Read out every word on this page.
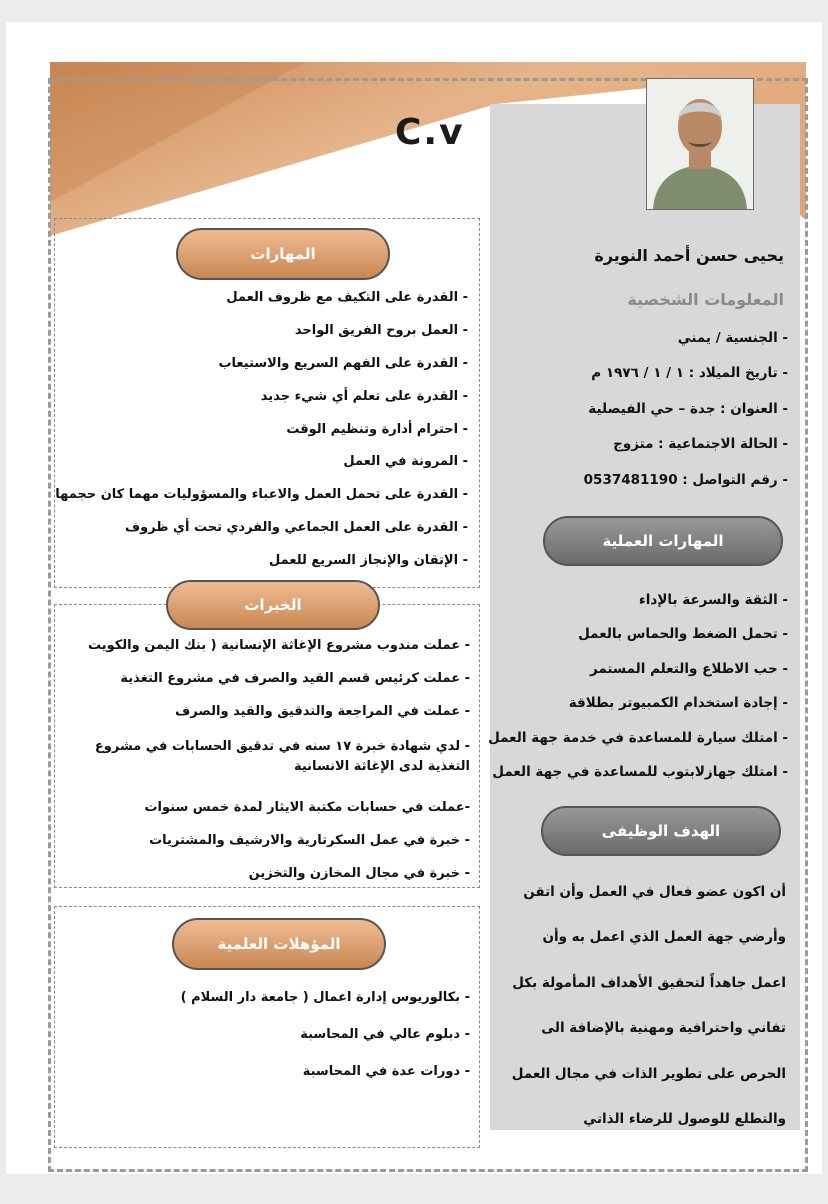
C.v
يحيى حسن أحمد النويرة
المعلومات الشخصية
- الجنسية / يمني
- تاريخ الميلاد : ١ / ١ / ١٩٧٦ م
- العنوان : جدة – حي الفيصلية
- الحالة الاجتماعية : متزوج
- رقم التواصل : 0537481190
المهارات العملية
- الثقة والسرعة بالإداء
- تحمل الضغط والحماس بالعمل
- حب الاطلاع والتعلم المستمر
- إجادة استخدام الكمبيوتر بطلاقة
- امتلك سيارة للمساعدة في خدمة جهة العمل
- امتلك جهازلابتوب للمساعدة في جهة العمل
الهدف الوظيفى

أن اكون عضو فعال في العمل وأن اتقن وأرضي جهة العمل الذي اعمل به وأن اعمل جاهداً لتحقيق الأهداف المأمولة بكل تفاني واحترافية ومهنية بالإضافة الى الحرص على تطوير الذات في مجال العمل والتطلع للوصول للرضاء الذاتي

المهارات
- القدرة على التكيف مع ظروف العمل
- العمل بروح الفريق الواحد
- القدرة على الفهم السريع والاستيعاب
- القدرة على تعلم أي شيء جديد
- احترام أدارة وتنظيم الوقت
- المرونة في العمل
- القدرة على تحمل العمل والاعباء والمسؤوليات مهما كان حجمها
- القدرة على العمل الجماعي والفردي تحت أي ظروف
- الإتقان والإنجاز السريع للعمل
الخبرات
- عملت مندوب مشروع الإغاثة الإنسانية ( بنك اليمن والكويت
- عملت كرئيس قسم القيد والصرف في مشروع التغذية
- عملت في المراجعة والتدقيق والقيد والصرف
- لدي شهادة خبرة ١٧ سنه في تدقيق الحسابات في مشروع التغذية لدى الإغاثة الانسانية
-عملت في حسابات مكتبة الايثار لمدة خمس سنوات
- خبرة في عمل السكرتارية والارشيف والمشتريات
- خبرة في مجال المخازن والتخزين
المؤهلات العلمية
- بكالوريوس إدارة اعمال ( جامعة دار السلام )
- دبلوم عالي في المحاسبة
- دورات عدة في المحاسبة
